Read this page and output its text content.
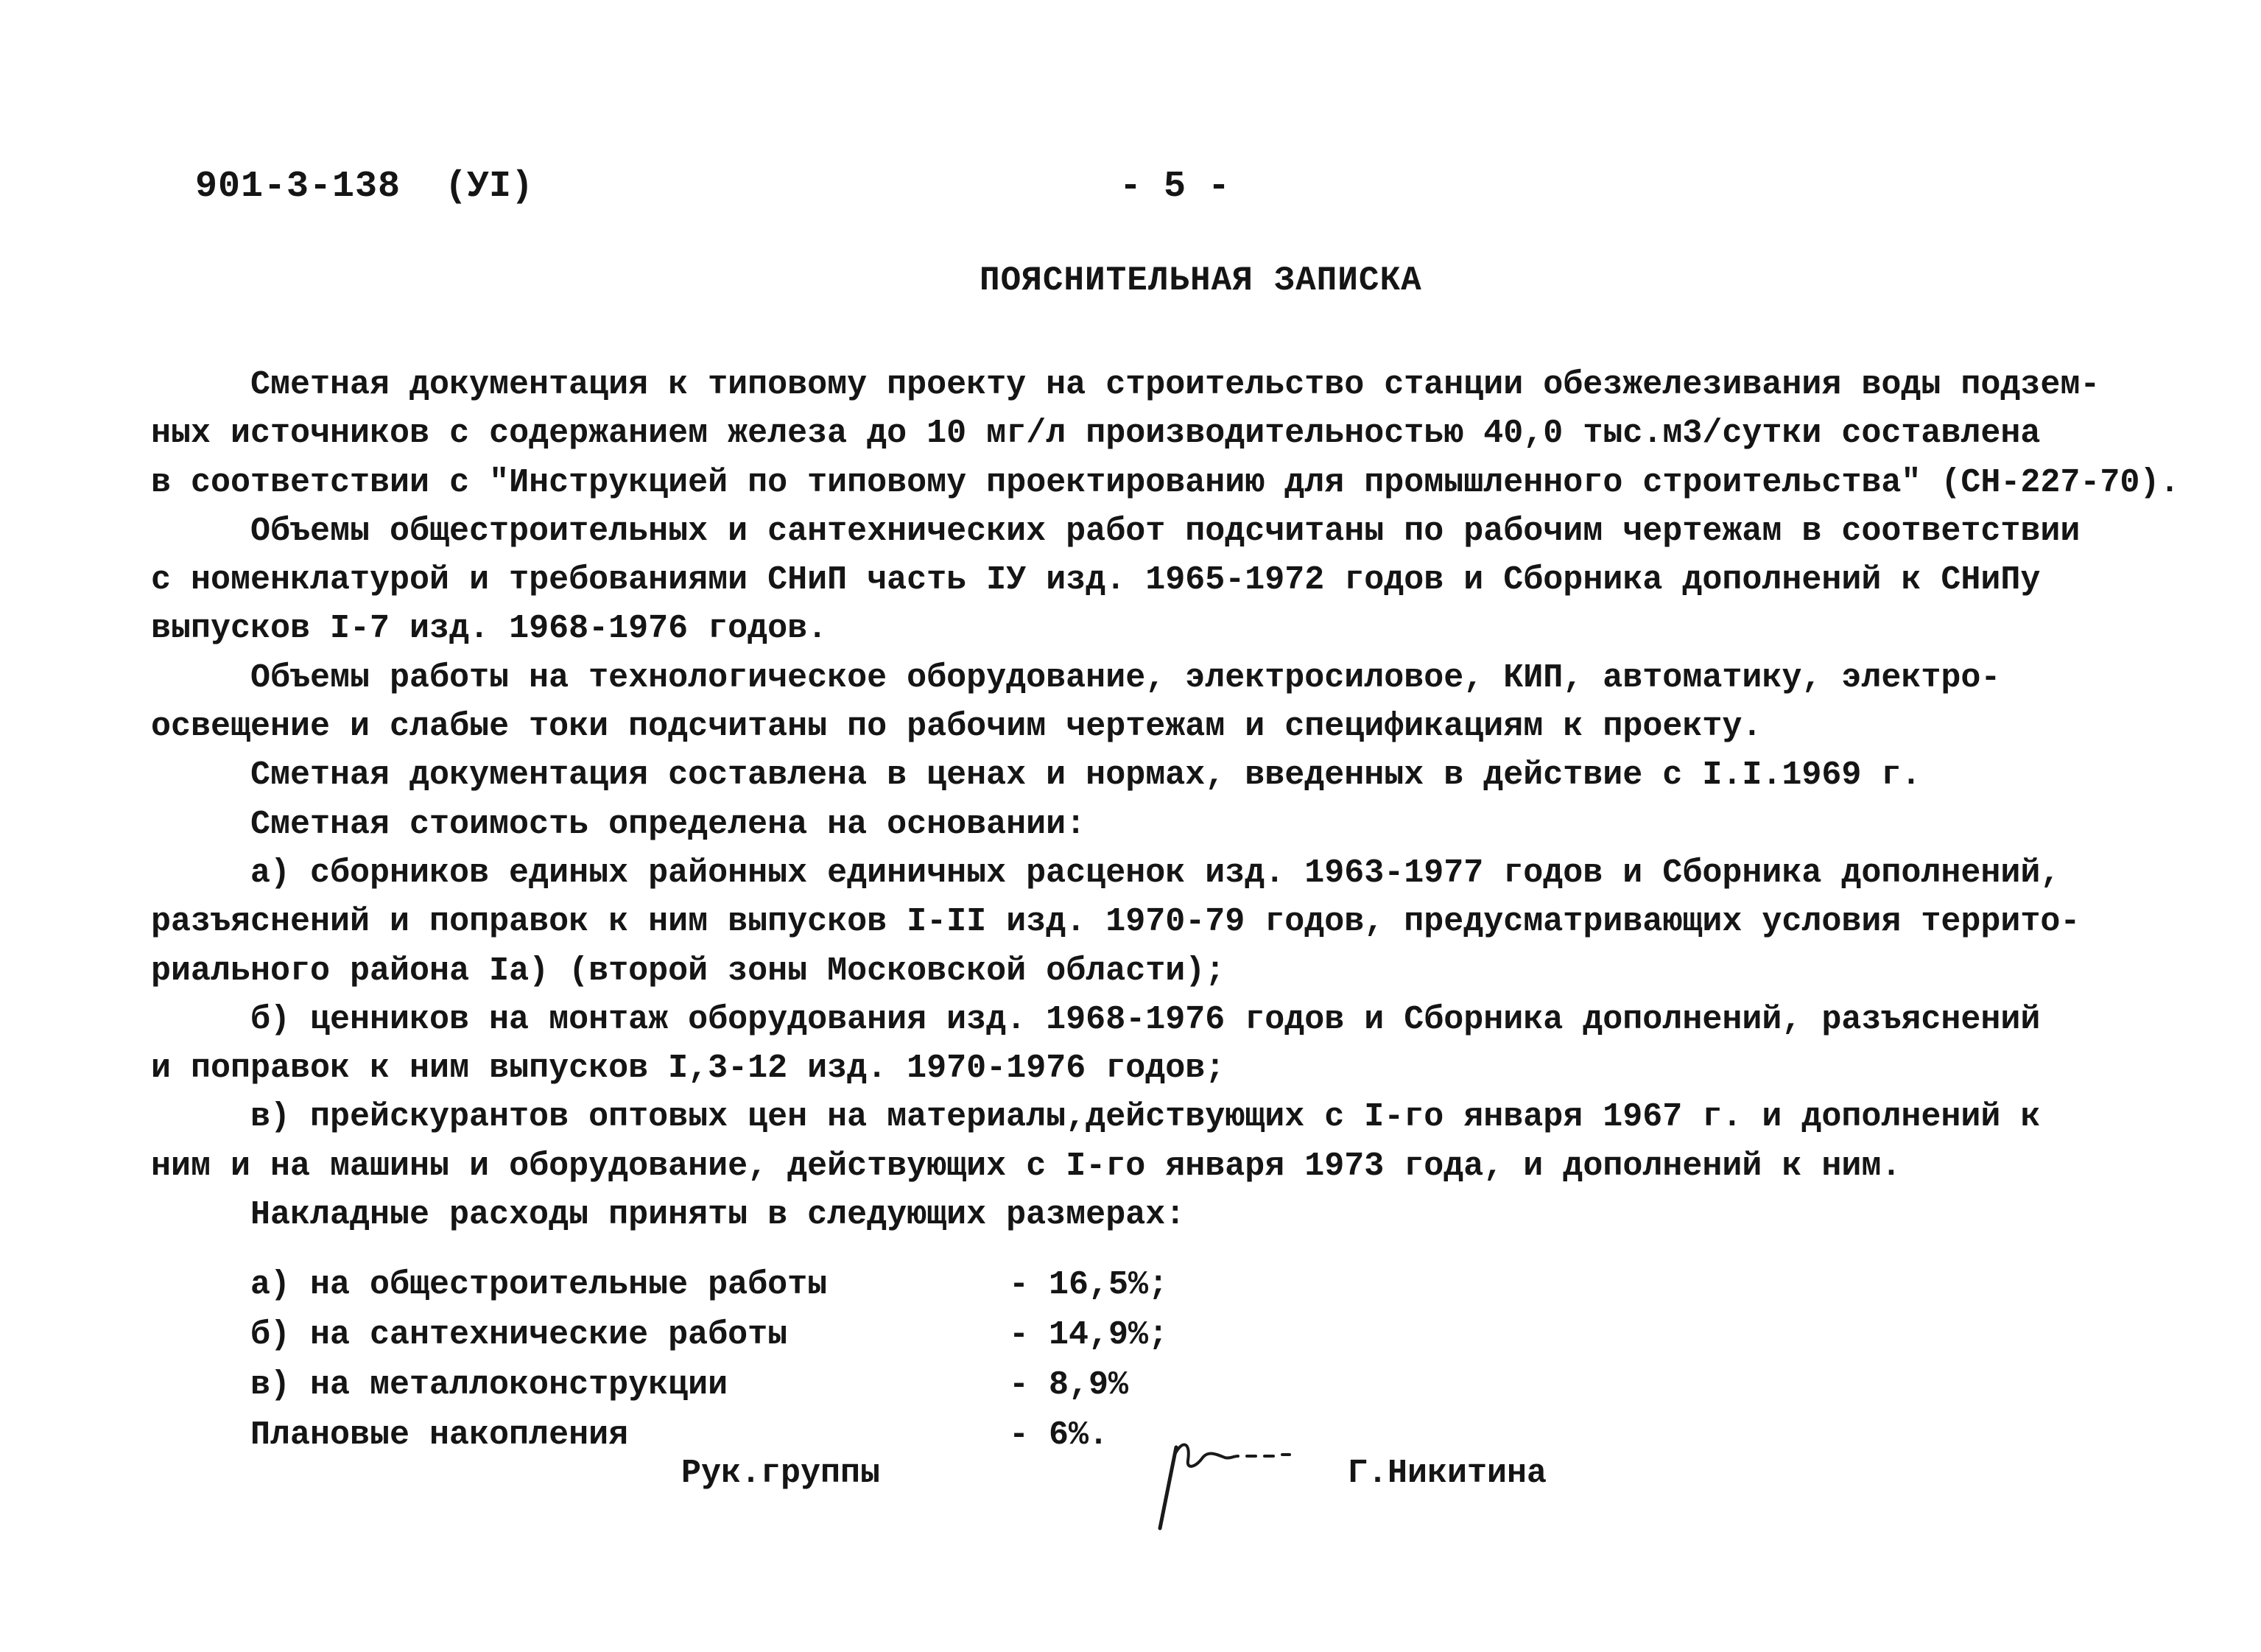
901-3-138 (УI)	- 5 -
ПОЯСНИТЕЛЬНАЯ ЗАПИСКА
Сметная документация к типовому проекту на строительство станции обезжелезивания воды подзем-
ных источников с содержанием железа до 10 мг/л производительностью 40,0 тыс.м3/сутки составлена
в соответствии с "Инструкцией по типовому проектированию для промышленного строительства" (СН-227-70).
Объемы общестроительных и сантехнических работ подсчитаны по рабочим чертежам в соответствии
с номенклатурой и требованиями СНиП часть IУ изд. 1965-1972 годов и Сборника дополнений к СНиПу
выпусков I-7 изд. 1968-1976 годов.
Объемы работы на технологическое оборудование, электросиловое, КИП, автоматику, электро-
освещение и слабые токи подсчитаны по рабочим чертежам и спецификациям к проекту.
Сметная документация составлена в ценах и нормах, введенных в действие с I.I.1969 г.
Сметная стоимость определена на основании:
а) сборников единых районных единичных расценок изд. 1963-1977 годов и Сборника дополнений,
разъяснений и поправок к ним выпусков I-II изд. 1970-79 годов, предусматривающих условия террито-
риального района Iа) (второй зоны Московской области);
б) ценников на монтаж оборудования изд. 1968-1976 годов и Сборника дополнений, разъяснений
и поправок к ним выпусков I,3-12 изд. 1970-1976 годов;
в) прейскурантов оптовых цен на материалы,действующих с I-го января 1967 г. и дополнений к
ним и на машины и оборудование, действующих с I-го января 1973 года, и дополнений к ним.
Накладные расходы приняты в следующих размерах:
а) на общестроительные работы	- 16,5%;
б) на сантехнические работы	- 14,9%;
в) на металлоконструкции	- 8,9%
Плановые накопления	- 6%.
Рук.группы	Г.Никитина
